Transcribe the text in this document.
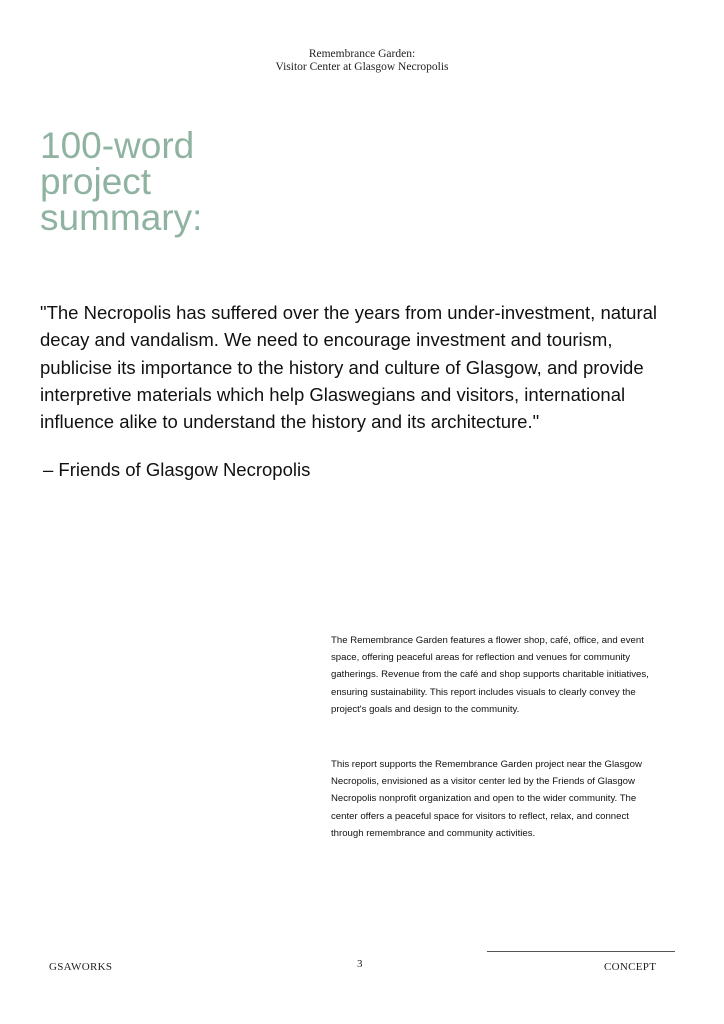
Remembrance Garden:
Visitor Center at Glasgow Necropolis
100-word
project
summary:
"The Necropolis has suffered over the years from under-investment, natural
decay and vandalism. We need to encourage investment and tourism,
publicise its importance to the history and culture of Glasgow, and provide
interpretive materials which help Glaswegians and visitors, international
influence alike to understand the history and its architecture."
– Friends of Glasgow Necropolis
The Remembrance Garden features a flower shop, café, office, and event
space, offering peaceful areas for reflection and venues for community
gatherings. Revenue from the café and shop supports charitable initiatives,
ensuring sustainability. This report includes visuals to clearly convey the
project's goals and design to the community.
This report supports the Remembrance Garden project near the Glasgow
Necropolis, envisioned as a visitor center led by the Friends of Glasgow
Necropolis nonprofit organization and open to the wider community. The
center offers a peaceful space for visitors to reflect, relax, and connect
through remembrance and community activities.
GSAWORKS	3	CONCEPT
